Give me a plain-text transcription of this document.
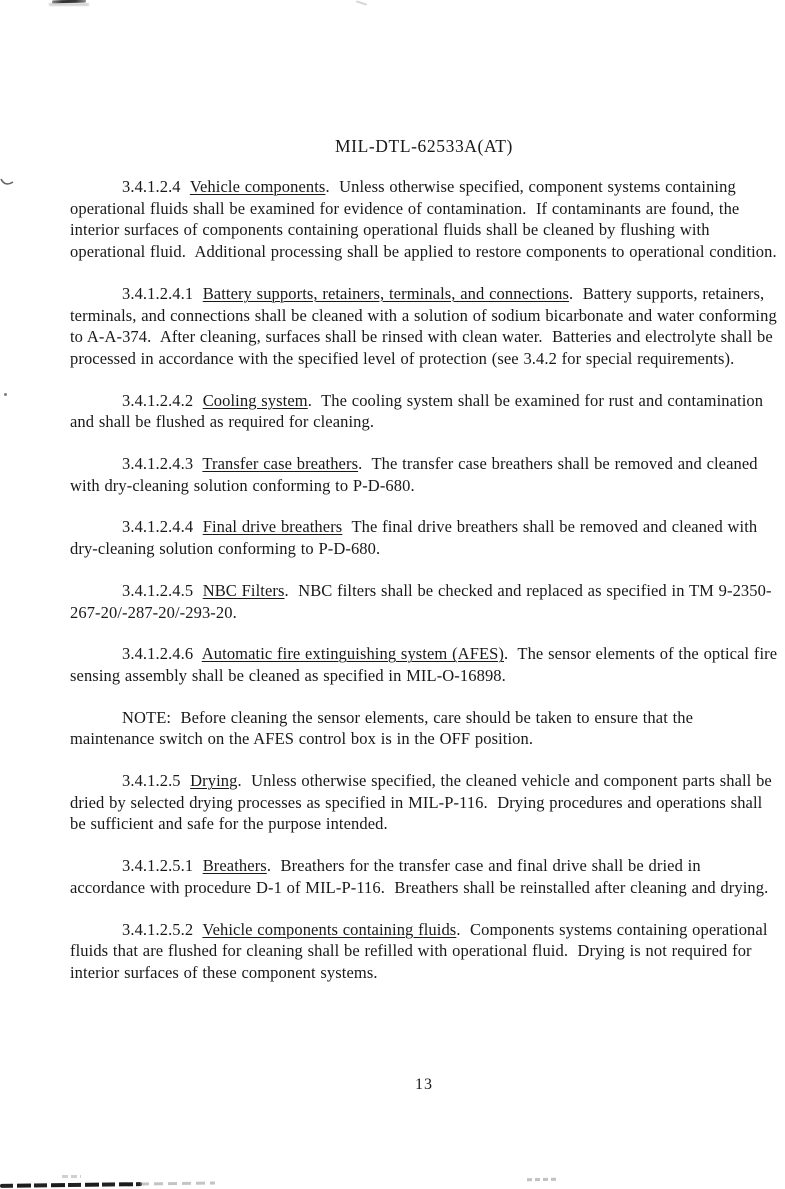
MIL-DTL-62533A(AT)

3.4.1.2.4  Vehicle components.  Unless otherwise specified, component systems containing operational fluids shall be examined for evidence of contamination.  If contaminants are found, the interior surfaces of components containing operational fluids shall be cleaned by flushing with operational fluid.  Additional processing shall be applied to restore components to operational condition.

3.4.1.2.4.1  Battery supports, retainers, terminals, and connections.  Battery supports, retainers, terminals, and connections shall be cleaned with a solution of sodium bicarbonate and water conforming to A-A-374.  After cleaning, surfaces shall be rinsed with clean water.  Batteries and electrolyte shall be processed in accordance with the specified level of protection (see 3.4.2 for special requirements).

3.4.1.2.4.2  Cooling system.  The cooling system shall be examined for rust and contamination and shall be flushed as required for cleaning.

3.4.1.2.4.3  Transfer case breathers.  The transfer case breathers shall be removed and cleaned with dry-cleaning solution conforming to P-D-680.

3.4.1.2.4.4  Final drive breathers  The final drive breathers shall be removed and cleaned with dry-cleaning solution conforming to P-D-680.

3.4.1.2.4.5  NBC Filters.  NBC filters shall be checked and replaced as specified in TM 9-2350-267-20/-287-20/-293-20.

3.4.1.2.4.6  Automatic fire extinguishing system (AFES).  The sensor elements of the optical fire sensing assembly shall be cleaned as specified in MIL-O-16898.

NOTE:  Before cleaning the sensor elements, care should be taken to ensure that the maintenance switch on the AFES control box is in the OFF position.

3.4.1.2.5  Drying.  Unless otherwise specified, the cleaned vehicle and component parts shall be dried by selected drying processes as specified in MIL-P-116.  Drying procedures and operations shall be sufficient and safe for the purpose intended.

3.4.1.2.5.1  Breathers.  Breathers for the transfer case and final drive shall be dried in accordance with procedure D-1 of MIL-P-116.  Breathers shall be reinstalled after cleaning and drying.

3.4.1.2.5.2  Vehicle components containing fluids.  Components systems containing operational fluids that are flushed for cleaning shall be refilled with operational fluid.  Drying is not required for interior surfaces of these component systems.

13
